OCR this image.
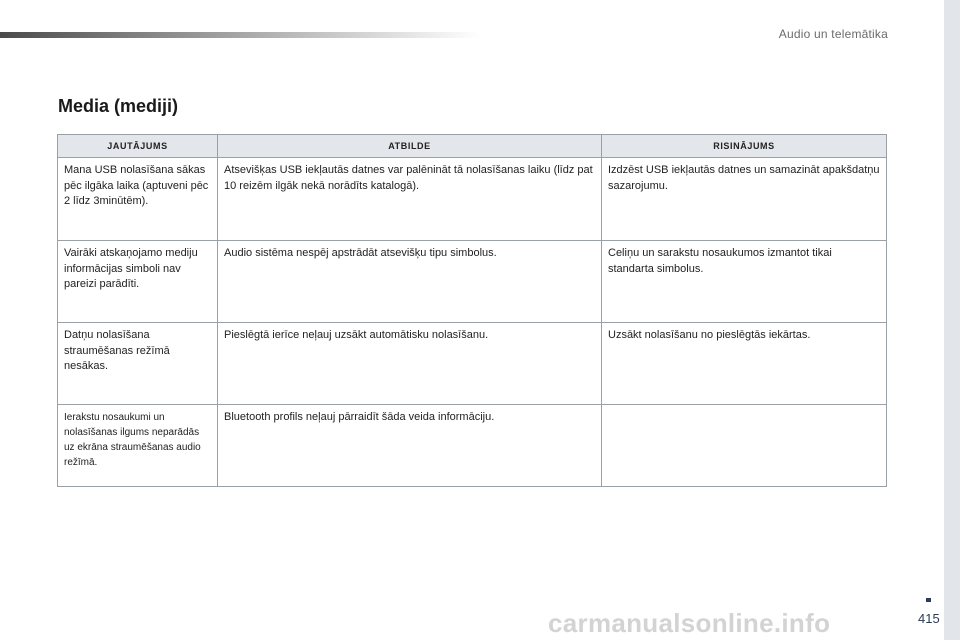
Audio un telemātika
Media (mediji)
JAUTĀJUMS	ATBILDE	RISINĀJUMS
Mana USB nolasīšana sākas pēc ilgāka laika (aptuveni pēc 2 līdz 3minūtēm).	Atsevišķas USB iekļautās datnes var palēnināt tā nolasīšanas laiku (līdz pat 10 reizēm ilgāk nekā norādīts katalogā).	Izdzēst USB iekļautās datnes un samazināt apakšdatņu sazarojumu.
Vairāki atskaņojamo mediju informācijas simboli nav pareizi parādīti.	Audio sistēma nespēj apstrādāt atsevišķu tipu simbolus.	Celiņu un sarakstu nosaukumos izmantot tikai standarta simbolus.
Datņu nolasīšana straumēšanas režīmā nesākas.	Pieslēgtā ierīce neļauj uzsākt automātisku nolasīšanu.	Uzsākt nolasīšanu no pieslēgtās iekārtas.
Ierakstu nosaukumi un nolasīšanas ilgums neparādās uz ekrāna straumēšanas audio režīmā.	Bluetooth profils neļauj pārraidīt šāda veida informāciju.	
415
carmanualsonline.info
